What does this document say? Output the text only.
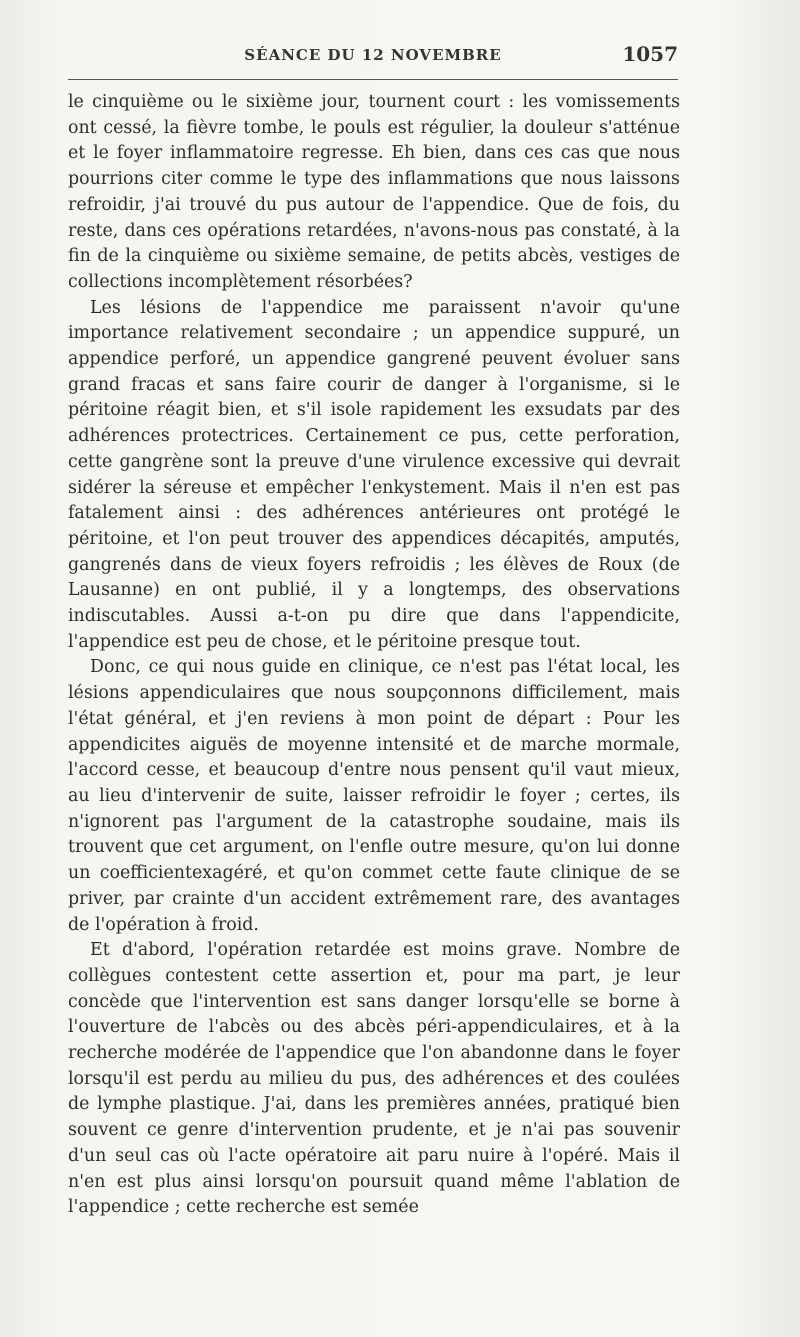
SÉANCE DU 12 NOVEMBRE	1057

le cinquième ou le sixième jour, tournent court : les vomissements ont cessé, la fièvre tombe, le pouls est régulier, la douleur s'atténue et le foyer inflammatoire regresse. Eh bien, dans ces cas que nous pourrions citer comme le type des inflammations que nous laissons refroidir, j'ai trouvé du pus autour de l'appendice. Que de fois, du reste, dans ces opérations retardées, n'avons-nous pas constaté, à la fin de la cinquième ou sixième semaine, de petits abcès, vestiges de collections incomplètement résorbées?

Les lésions de l'appendice me paraissent n'avoir qu'une importance relativement secondaire ; un appendice suppuré, un appendice perforé, un appendice gangrené peuvent évoluer sans grand fracas et sans faire courir de danger à l'organisme, si le péritoine réagit bien, et s'il isole rapidement les exsudats par des adhérences protectrices. Certainement ce pus, cette perforation, cette gangrène sont la preuve d'une virulence excessive qui devrait sidérer la séreuse et empêcher l'enkystement. Mais il n'en est pas fatalement ainsi : des adhérences antérieures ont protégé le péritoine, et l'on peut trouver des appendices décapités, amputés, gangrenés dans de vieux foyers refroidis ; les élèves de Roux (de Lausanne) en ont publié, il y a longtemps, des observations indiscutables. Aussi a-t-on pu dire que dans l'appendicite, l'appendice est peu de chose, et le péritoine presque tout.

Donc, ce qui nous guide en clinique, ce n'est pas l'état local, les lésions appendiculaires que nous soupçonnons difficilement, mais l'état général, et j'en reviens à mon point de départ : Pour les appendicites aiguës de moyenne intensité et de marche mormale, l'accord cesse, et beaucoup d'entre nous pensent qu'il vaut mieux, au lieu d'intervenir de suite, laisser refroidir le foyer ; certes, ils n'ignorent pas l'argument de la catastrophe soudaine, mais ils trouvent que cet argument, on l'enfle outre mesure, qu'on lui donne un coefficientexagéré, et qu'on commet cette faute clinique de se priver, par crainte d'un accident extrêmement rare, des avantages de l'opération à froid.

Et d'abord, l'opération retardée est moins grave. Nombre de collègues contestent cette assertion et, pour ma part, je leur concède que l'intervention est sans danger lorsqu'elle se borne à l'ouverture de l'abcès ou des abcès péri-appendiculaires, et à la recherche modérée de l'appendice que l'on abandonne dans le foyer lorsqu'il est perdu au milieu du pus, des adhérences et des coulées de lymphe plastique. J'ai, dans les premières années, pratiqué bien souvent ce genre d'intervention prudente, et je n'ai pas souvenir d'un seul cas où l'acte opératoire ait paru nuire à l'opéré. Mais il n'en est plus ainsi lorsqu'on poursuit quand même l'ablation de l'appendice ; cette recherche est semée
